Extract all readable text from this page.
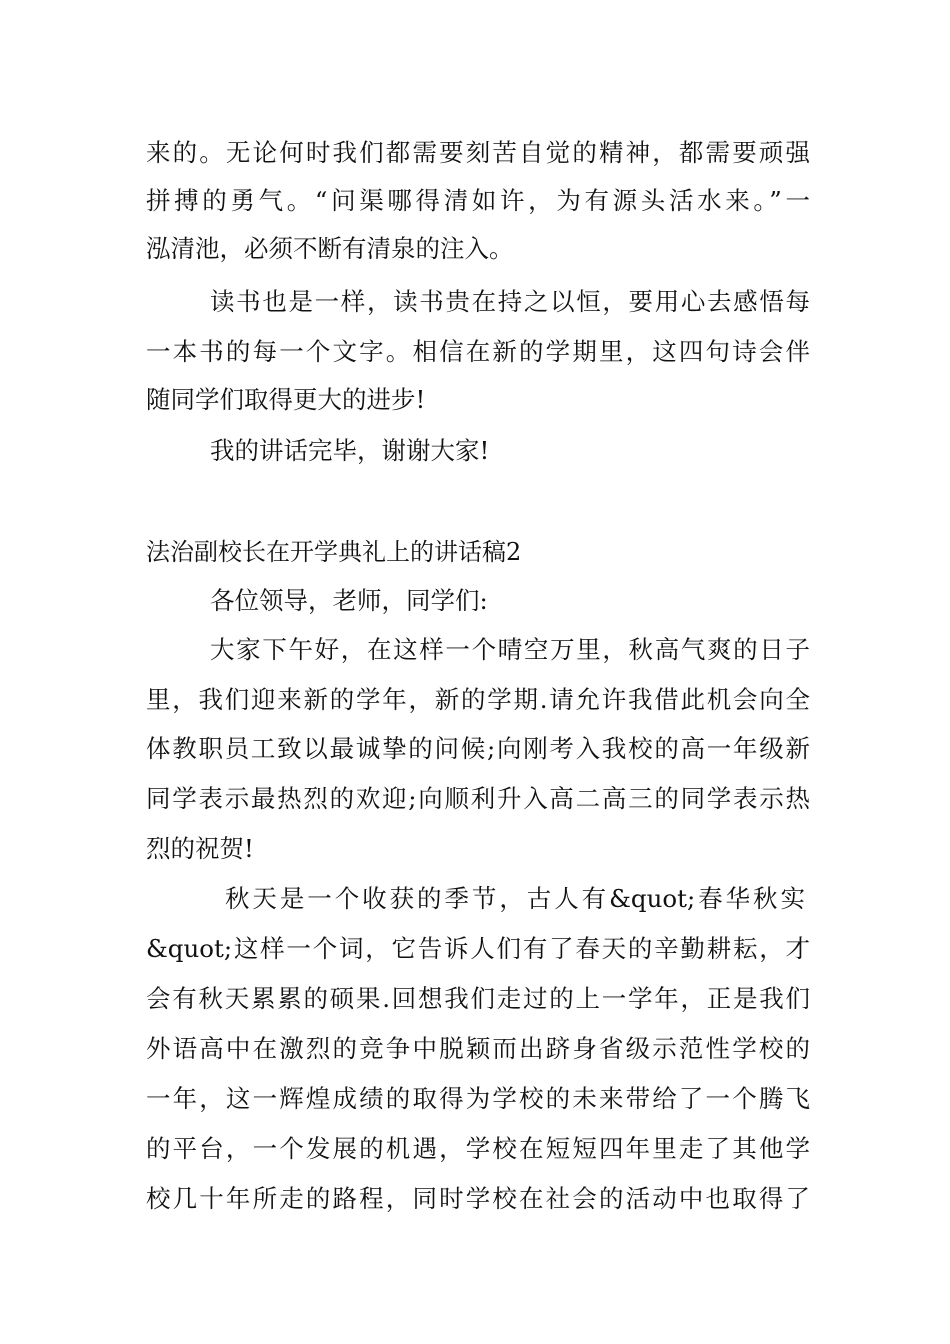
来的。无论何时我们都需要刻苦自觉的精神，都需要顽强
拼搏的勇气。“问渠哪得清如许，为有源头活水来。”一
泓清池，必须不断有清泉的注入。
读书也是一样，读书贵在持之以恒，要用心去感悟每
一本书的每一个文字。相信在新的学期里，这四句诗会伴
随同学们取得更大的进步!
我的讲话完毕，谢谢大家!
法治副校长在开学典礼上的讲话稿2
各位领导，老师，同学们:
大家下午好，在这样一个晴空万里，秋高气爽的日子
里，我们迎来新的学年，新的学期.请允许我借此机会向全
体教职员工致以最诚挚的问候;向刚考入我校的高一年级新
同学表示最热烈的欢迎;向顺利升入高二高三的同学表示热
烈的祝贺!
秋天是一个收获的季节，古人有&quot;春华秋实
&quot;这样一个词，它告诉人们有了春天的辛勤耕耘，才
会有秋天累累的硕果.回想我们走过的上一学年，正是我们
外语高中在激烈的竞争中脱颖而出跻身省级示范性学校的
一年，这一辉煌成绩的取得为学校的未来带给了一个腾飞
的平台，一个发展的机遇，学校在短短四年里走了其他学
校几十年所走的路程，同时学校在社会的活动中也取得了
